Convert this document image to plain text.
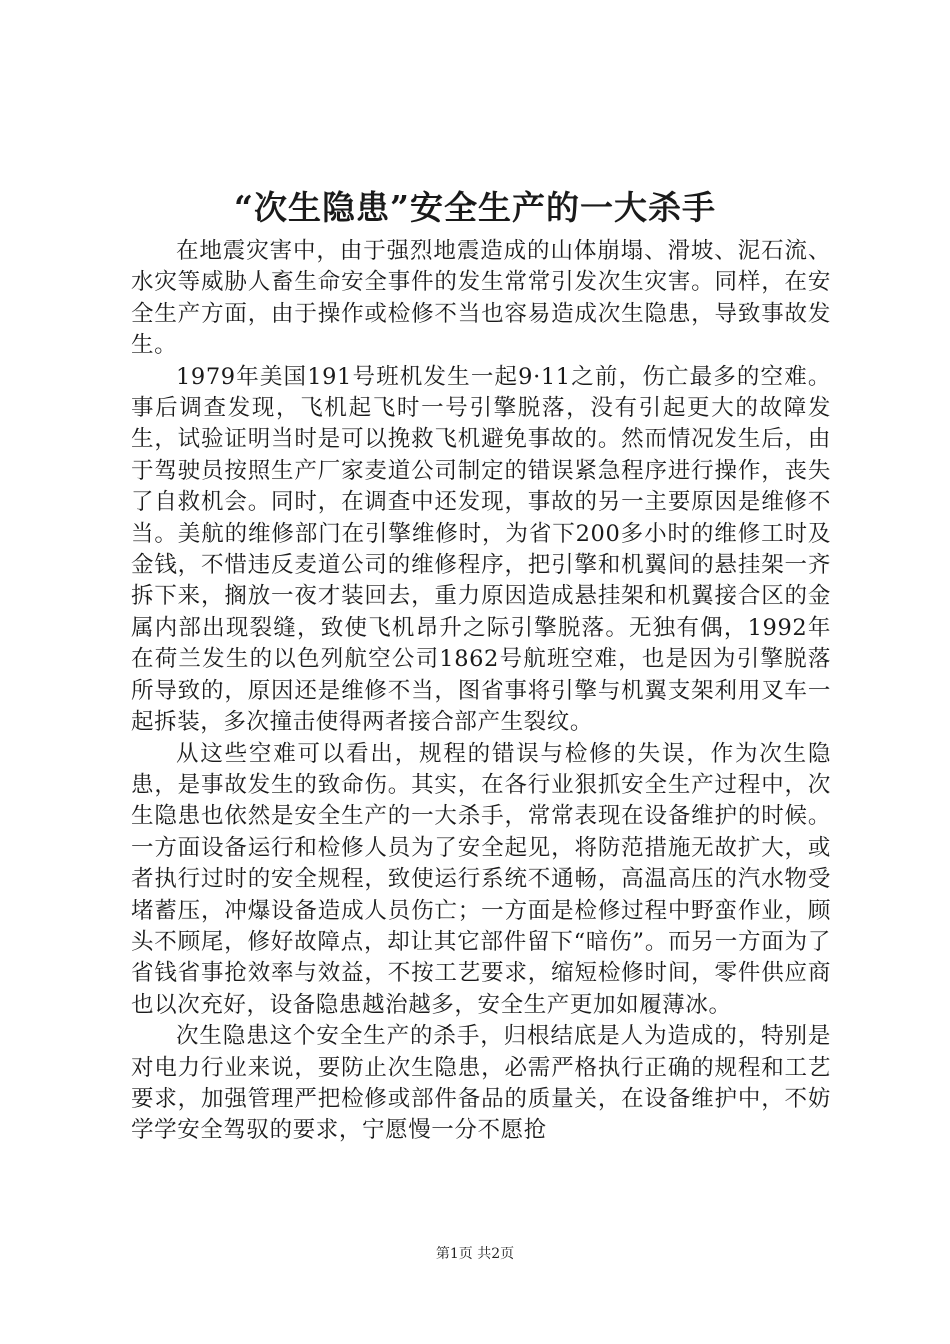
“次生隐患”安全生产的一大杀手

在地震灾害中，由于强烈地震造成的山体崩塌、滑坡、泥石流、水灾等威胁人畜生命安全事件的发生常常引发次生灾害。同样，在安全生产方面，由于操作或检修不当也容易造成次生隐患，导致事故发生。

1979年美国191号班机发生一起9·11之前，伤亡最多的空难。事后调查发现，飞机起飞时一号引擎脱落，没有引起更大的故障发生，试验证明当时是可以挽救飞机避免事故的。然而情况发生后，由于驾驶员按照生产厂家麦道公司制定的错误紧急程序进行操作，丧失了自救机会。同时，在调查中还发现，事故的另一主要原因是维修不当。美航的维修部门在引擎维修时，为省下200多小时的维修工时及金钱，不惜违反麦道公司的维修程序，把引擎和机翼间的悬挂架一齐拆下来，搁放一夜才装回去，重力原因造成悬挂架和机翼接合区的金属内部出现裂缝，致使飞机昂升之际引擎脱落。无独有偶，1992年在荷兰发生的以色列航空公司1862号航班空难，也是因为引擎脱落所导致的，原因还是维修不当，图省事将引擎与机翼支架利用叉车一起拆装，多次撞击使得两者接合部产生裂纹。

从这些空难可以看出，规程的错误与检修的失误，作为次生隐患，是事故发生的致命伤。其实，在各行业狠抓安全生产过程中，次生隐患也依然是安全生产的一大杀手，常常表现在设备维护的时候。一方面设备运行和检修人员为了安全起见，将防范措施无故扩大，或者执行过时的安全规程，致使运行系统不通畅，高温高压的汽水物受堵蓄压，冲爆设备造成人员伤亡；一方面是检修过程中野蛮作业，顾头不顾尾，修好故障点，却让其它部件留下“暗伤”。而另一方面为了省钱省事抢效率与效益，不按工艺要求，缩短检修时间，零件供应商也以次充好，设备隐患越治越多，安全生产更加如履薄冰。

次生隐患这个安全生产的杀手，归根结底是人为造成的，特别是对电力行业来说，要防止次生隐患，必需严格执行正确的规程和工艺要求，加强管理严把检修或部件备品的质量关，在设备维护中，不妨学学安全驾驭的要求，宁愿慢一分不愿抢

第1页 共2页
